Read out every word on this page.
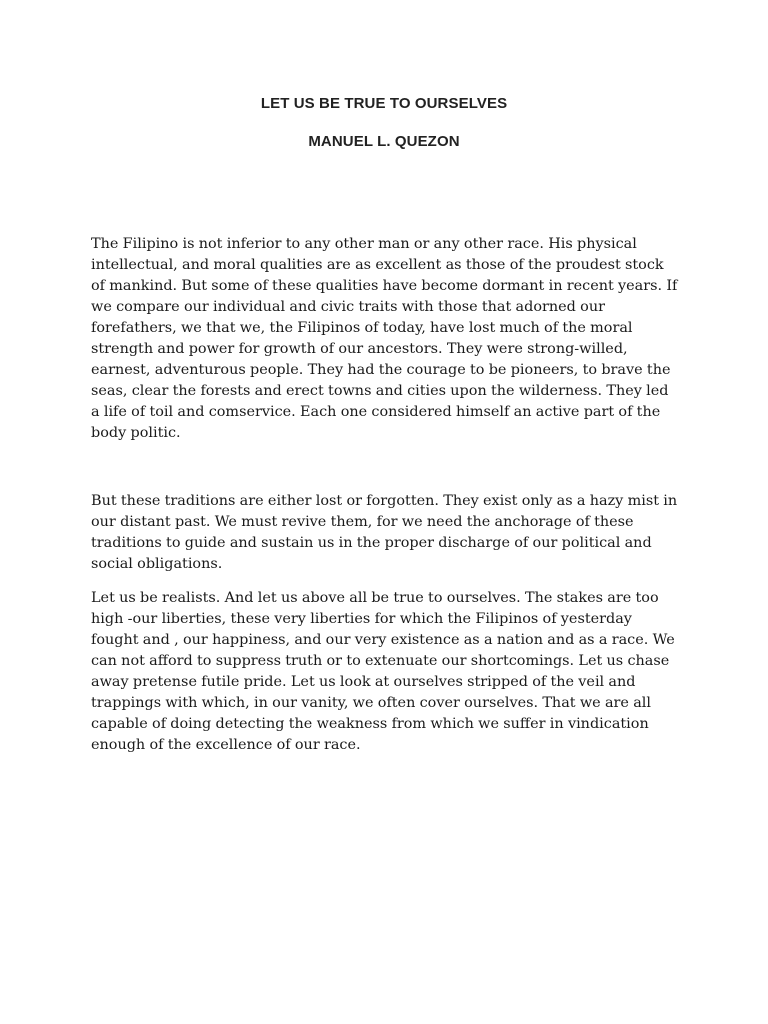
LET US BE TRUE TO OURSELVES
MANUEL L. QUEZON

The Filipino is not inferior to any other man or any other race. His physical intellectual, and moral qualities are as excellent as those of the proudest stock of mankind. But some of these qualities have become dormant in recent years. If we compare our individual and civic traits with those that adorned our forefathers, we that we, the Filipinos of today, have lost much of the moral strength and power for growth of our ancestors. They were strong-willed, earnest, adventurous people. They had the courage to be pioneers, to brave the seas, clear the forests and erect towns and cities upon the wilderness. They led a life of toil and comservice. Each one considered himself an active part of the body politic.

But these traditions are either lost or forgotten. They exist only as a hazy mist in our distant past. We must revive them, for we need the anchorage of these traditions to guide and sustain us in the proper discharge of our political and social obligations.

Let us be realists. And let us above all be true to ourselves. The stakes are too high -our liberties, these very liberties for which the Filipinos of yesterday fought and , our happiness, and our very existence as a nation and as a race. We can not afford to suppress truth or to extenuate our shortcomings. Let us chase away pretense futile pride. Let us look at ourselves stripped of the veil and trappings with which, in our vanity, we often cover ourselves. That we are all capable of doing detecting the weakness from which we suffer in vindication enough of the excellence of our race.
